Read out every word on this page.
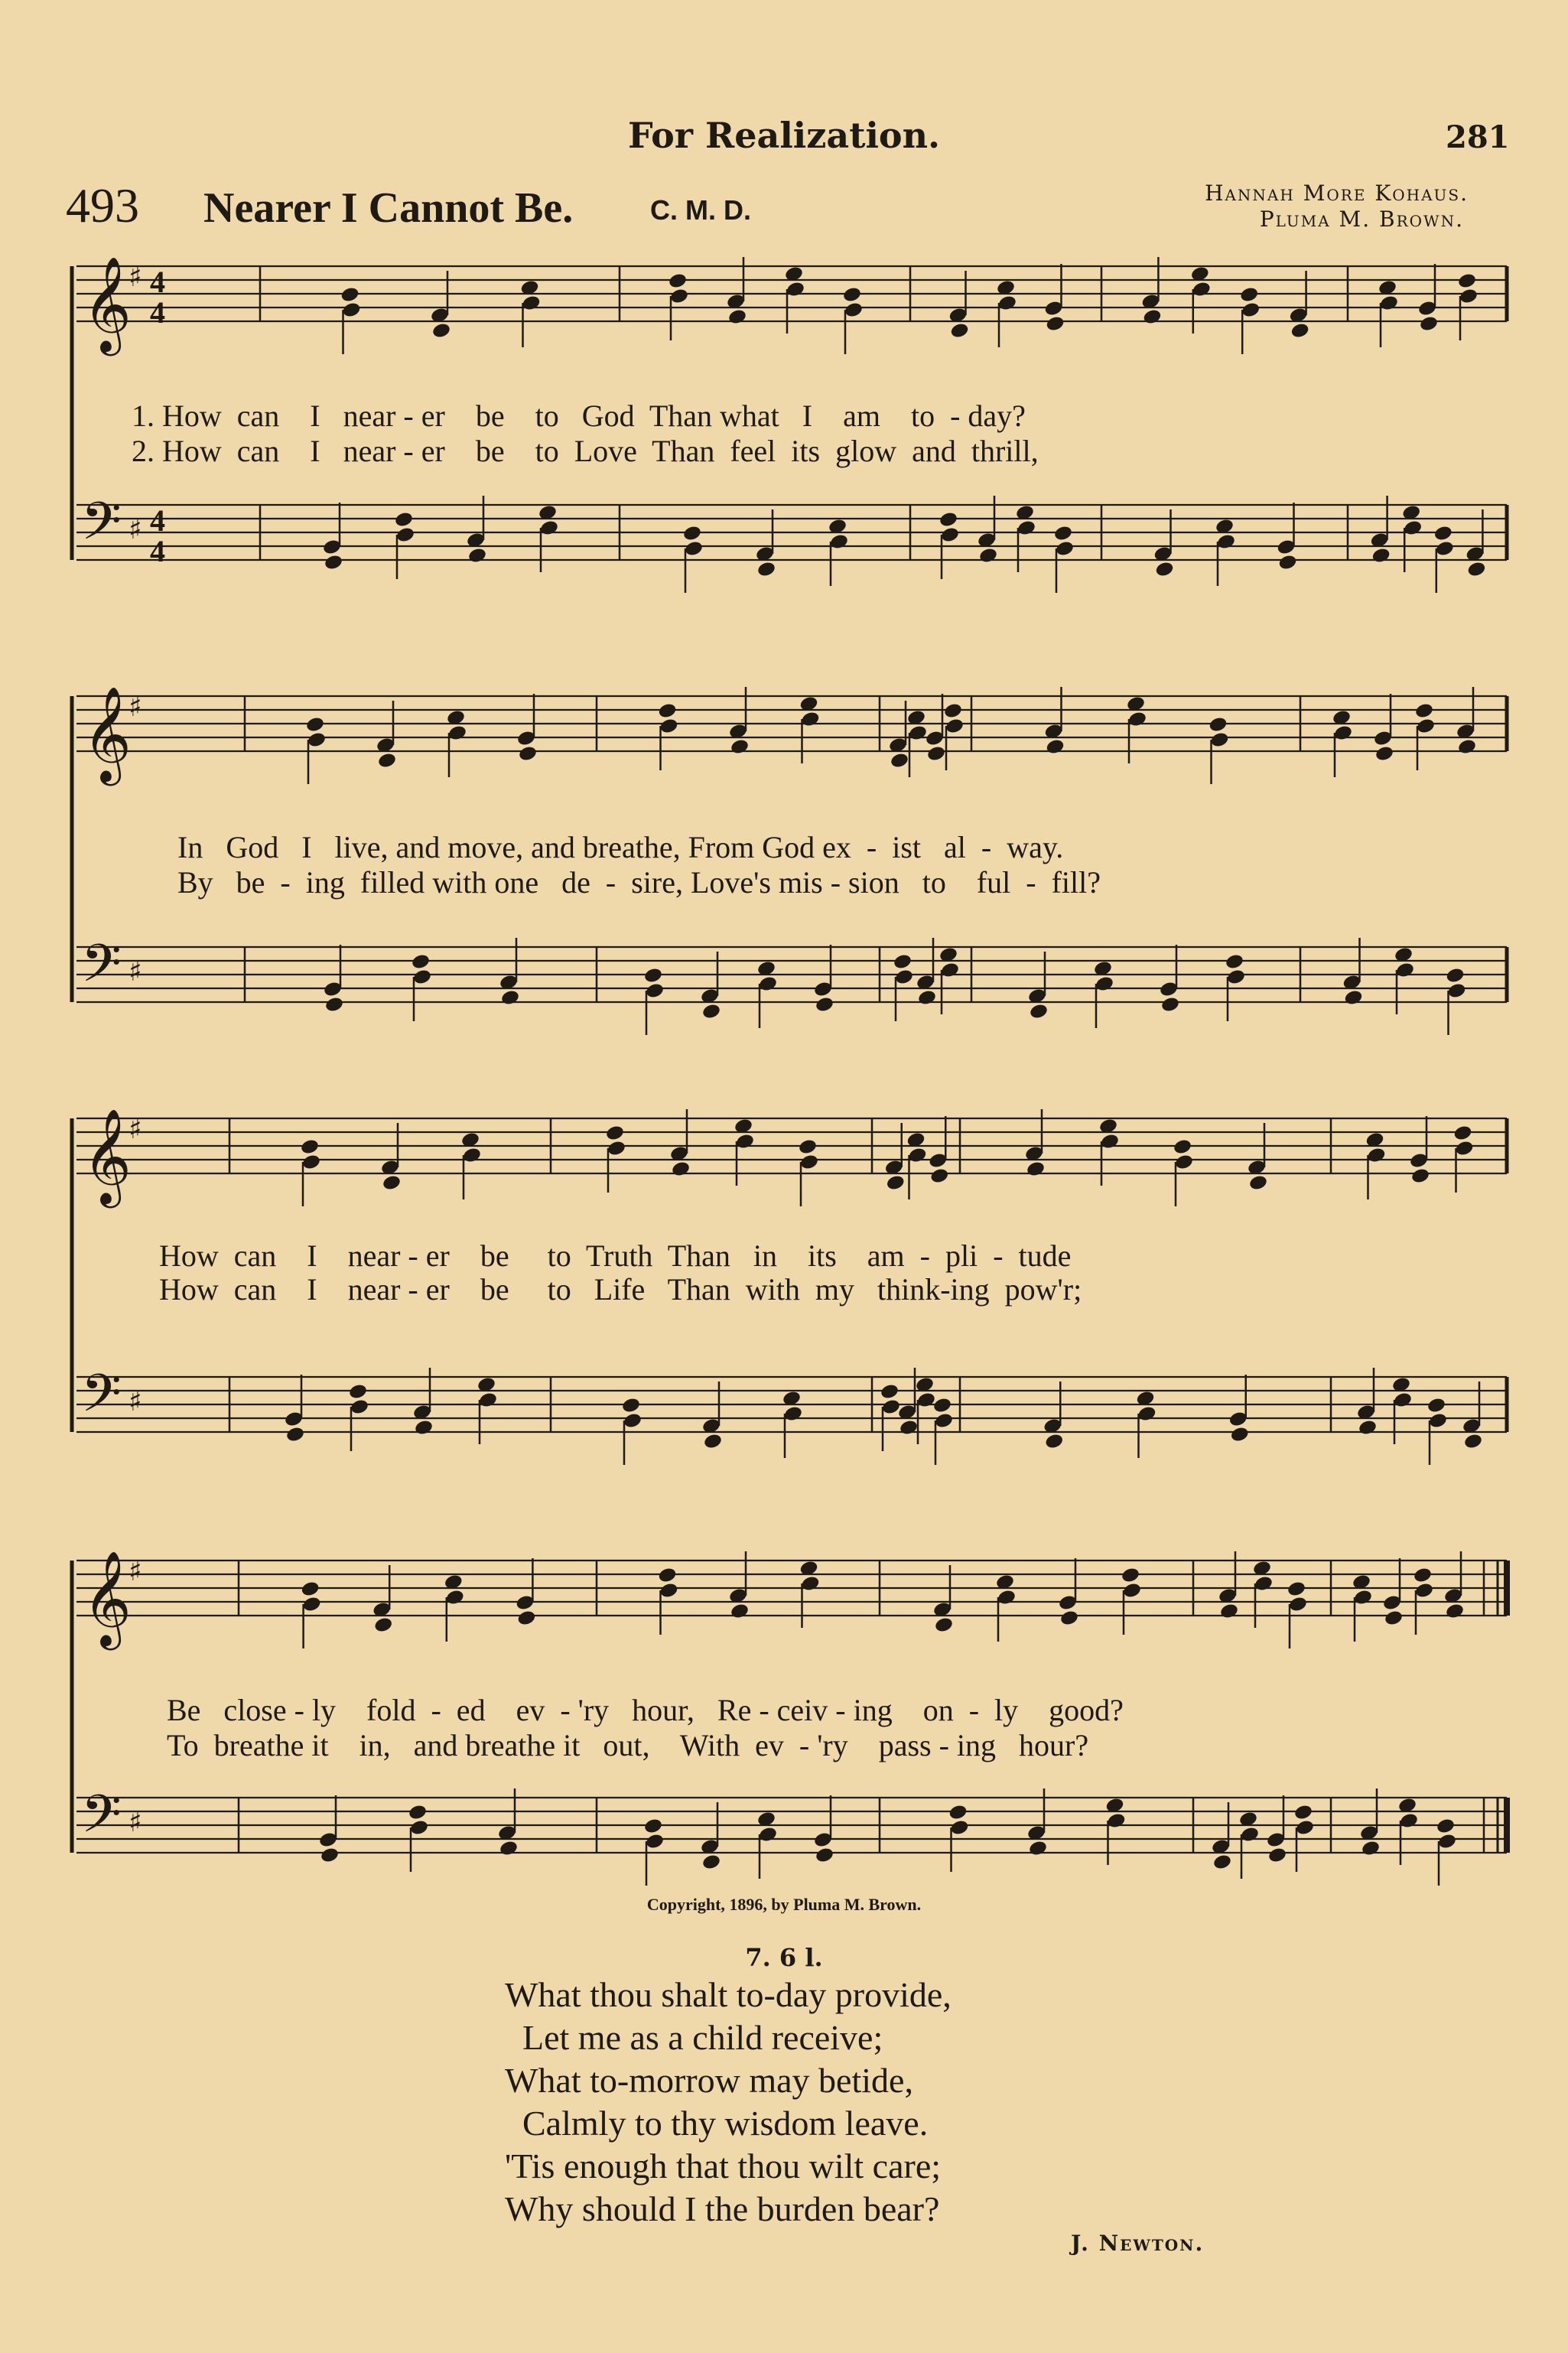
For Realization.	281
493 Nearer I Cannot Be.	C. M. D.
Hannah More Kohaus.
Pluma M. Brown.
𝄞
♯
𝄢 ♯
4
4
4
4
𝄞
♯
𝄢 ♯
𝄞
♯
𝄢 ♯
𝄞
♯
𝄢 ♯
1. How  can    I   near - er    be    to   God  Than what   I    am    to  - day?
2. How  can    I   near - er    be    to  Love  Than  feel  its  glow  and  thrill,
In   God   I   live, and move, and breathe, From God ex  -  ist   al  -  way.
By   be  -  ing  filled with one   de  -  sire, Love's mis - sion   to    ful  -  fill?
How  can    I    near - er    be     to  Truth  Than   in    its    am  -  pli  -  tude
How  can    I    near - er    be     to   Life   Than  with  my   think-ing  pow'r;
Be   close - ly    fold  -  ed    ev  - 'ry   hour,   Re - ceiv - ing    on  -  ly    good?
To  breathe it    in,   and breathe it   out,    With  ev  - 'ry    pass - ing   hour?
Copyright, 1896, by Pluma M. Brown.
7. 6 l.
What thou shalt to-day provide,
Let me as a child receive;
What to-morrow may betide,
Calmly to thy wisdom leave.
'Tis enough that thou wilt care;
Why should I the burden bear?
J. Newton.
